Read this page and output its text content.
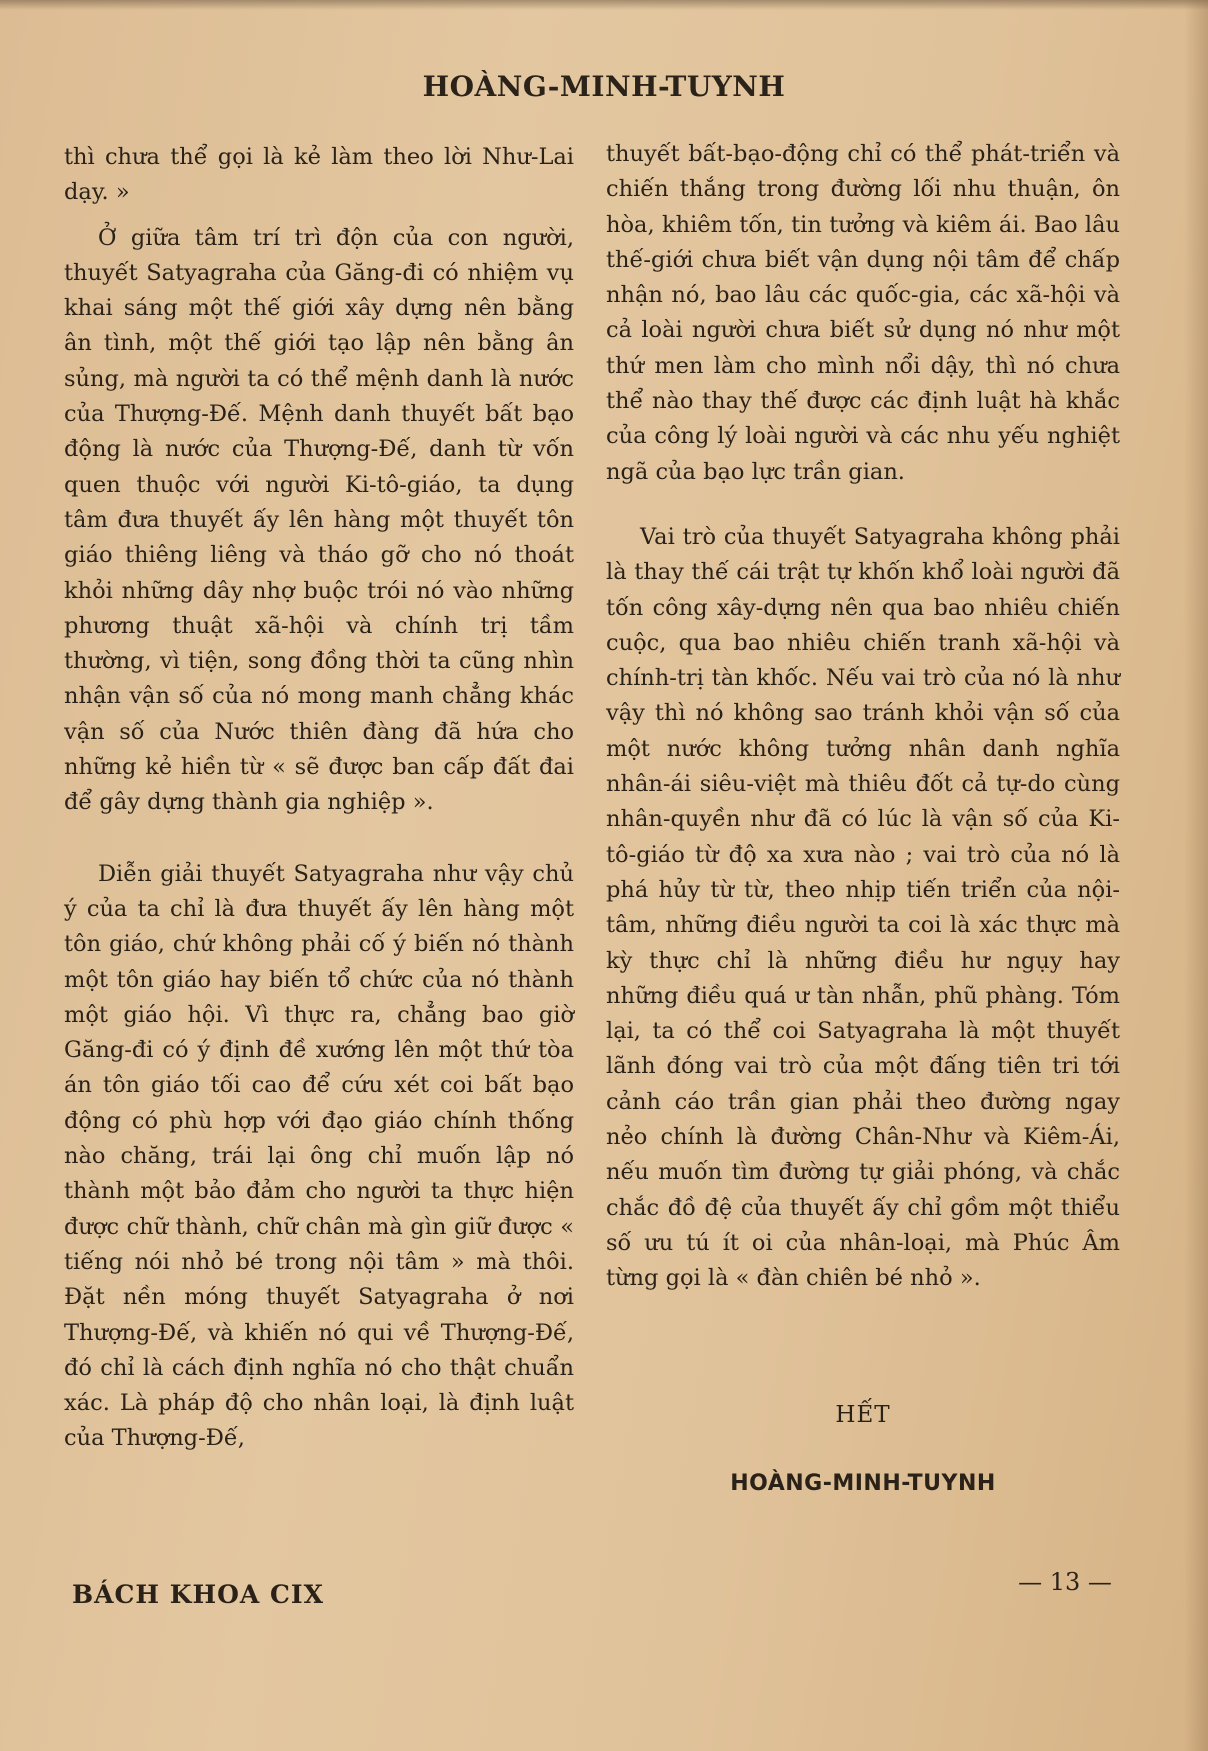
HOÀNG-MINH-TUYNH

thì chưa thể gọi là kẻ làm theo lời Như-Lai dạy. »

Ở giữa tâm trí trì độn của con người, thuyết Satyagraha của Găng-đi có nhiệm vụ khai sáng một thế giới xây dựng nên bằng ân tình, một thế giới tạo lập nên bằng ân sủng, mà người ta có thể mệnh danh là nước của Thượng-Đế. Mệnh danh thuyết bất bạo động là nước của Thượng-Đế, danh từ vốn quen thuộc với người Ki-tô-giáo, ta dụng tâm đưa thuyết ấy lên hàng một thuyết tôn giáo thiêng liêng và tháo gỡ cho nó thoát khỏi những dây nhợ buộc trói nó vào những phương thuật xã-hội và chính trị tầm thường, vì tiện, song đồng thời ta cũng nhìn nhận vận số của nó mong manh chẳng khác vận số của Nước thiên đàng đã hứa cho những kẻ hiền từ « sẽ được ban cấp đất đai để gây dựng thành gia nghiệp ».

Diễn giải thuyết Satyagraha như vậy chủ ý của ta chỉ là đưa thuyết ấy lên hàng một tôn giáo, chứ không phải cố ý biến nó thành một tôn giáo hay biến tổ chức của nó thành một giáo hội. Vì thực ra, chẳng bao giờ Găng-đi có ý định đề xướng lên một thứ tòa án tôn giáo tối cao để cứu xét coi bất bạo động có phù hợp với đạo giáo chính thống nào chăng, trái lại ông chỉ muốn lập nó thành một bảo đảm cho người ta thực hiện được chữ thành, chữ chân mà gìn giữ được « tiếng nói nhỏ bé trong nội tâm » mà thôi. Đặt nền móng thuyết Satyagraha ở nơi Thượng-Đế, và khiến nó qui về Thượng-Đế, đó chỉ là cách định nghĩa nó cho thật chuẩn xác. Là pháp độ cho nhân loại, là định luật của Thượng-Đế,

thuyết bất-bạo-động chỉ có thể phát-triển và chiến thắng trong đường lối nhu thuận, ôn hòa, khiêm tốn, tin tưởng và kiêm ái. Bao lâu thế-giới chưa biết vận dụng nội tâm để chấp nhận nó, bao lâu các quốc-gia, các xã-hội và cả loài người chưa biết sử dụng nó như một thứ men làm cho mình nổi dậy, thì nó chưa thể nào thay thế được các định luật hà khắc của công lý loài người và các nhu yếu nghiệt ngã của bạo lực trần gian.

Vai trò của thuyết Satyagraha không phải là thay thế cái trật tự khốn khổ loài người đã tốn công xây-dựng nên qua bao nhiêu chiến cuộc, qua bao nhiêu chiến tranh xã-hội và chính-trị tàn khốc. Nếu vai trò của nó là như vậy thì nó không sao tránh khỏi vận số của một nước không tưởng nhân danh nghĩa nhân-ái siêu-việt mà thiêu đốt cả tự-do cùng nhân-quyền như đã có lúc là vận số của Ki-tô-giáo từ độ xa xưa nào ; vai trò của nó là phá hủy từ từ, theo nhịp tiến triển của nội-tâm, những điều người ta coi là xác thực mà kỳ thực chỉ là những điều hư ngụy hay những điều quá ư tàn nhẫn, phũ phàng. Tóm lại, ta có thể coi Satyagraha là một thuyết lãnh đóng vai trò của một đấng tiên tri tới cảnh cáo trần gian phải theo đường ngay nẻo chính là đường Chân-Như và Kiêm-Ái, nếu muốn tìm đường tự giải phóng, và chắc chắc đồ đệ của thuyết ấy chỉ gồm một thiểu số ưu tú ít oi của nhân-loại, mà Phúc Âm từng gọi là « đàn chiên bé nhỏ ».

HẾT
HOÀNG-MINH-TUYNH
BÁCH KHOA CIX	— 13 —
